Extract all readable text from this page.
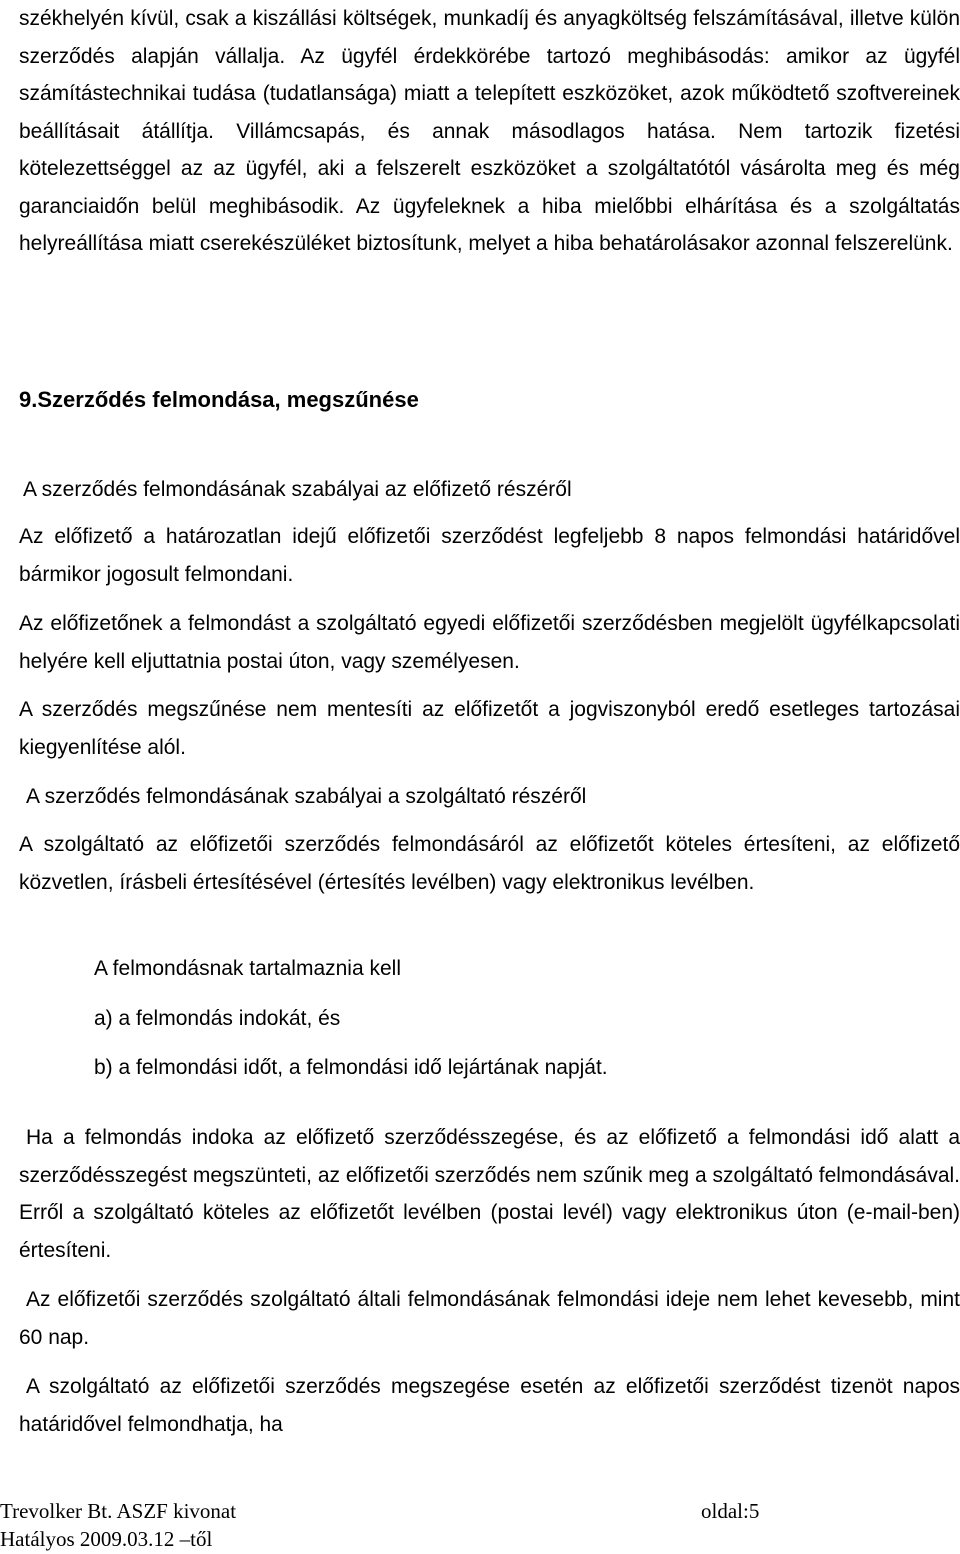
székhelyén kívül, csak a kiszállási költségek, munkadíj és anyagköltség felszámításával, illetve külön szerződés alapján vállalja. Az ügyfél érdekkörébe tartozó meghibásodás: amikor az ügyfél számítástechnikai tudása (tudatlansága) miatt a telepített eszközöket, azok működtető szoftvereinek beállításait átállítja. Villámcsapás, és annak másodlagos hatása. Nem tartozik fizetési kötelezettséggel az az ügyfél, aki a felszerelt eszközöket a szolgáltatótól vásárolta meg és még garanciaidőn belül meghibásodik. Az ügyfeleknek a hiba mielőbbi elhárítása és a szolgáltatás helyreállítása miatt cserekészüléket biztosítunk, melyet a hiba behatárolásakor azonnal felszerelünk.

9.Szerződés felmondása, megszűnése

A szerződés felmondásának szabályai az előfizető részéről

Az előfizető a határozatlan idejű előfizetői szerződést legfeljebb 8 napos felmondási határidővel bármikor jogosult felmondani.

Az előfizetőnek a felmondást a szolgáltató egyedi előfizetői szerződésben megjelölt ügyfélkapcsolati helyére kell eljuttatnia postai úton, vagy személyesen.

A szerződés megszűnése nem mentesíti az előfizetőt a jogviszonyból eredő esetleges tartozásai kiegyenlítése alól.

A szerződés felmondásának szabályai a szolgáltató részéről

A szolgáltató az előfizetői szerződés felmondásáról az előfizetőt köteles értesíteni, az előfizető közvetlen, írásbeli értesítésével (értesítés levélben) vagy elektronikus levélben.

A felmondásnak tartalmaznia kell

a) a felmondás indokát, és

b) a felmondási időt, a felmondási idő lejártának napját.

Ha a felmondás indoka az előfizető szerződésszegése, és az előfizető a felmondási idő alatt a szerződésszegést megszünteti, az előfizetői szerződés nem szűnik meg a szolgáltató felmondásával. Erről a szolgáltató köteles az előfizetőt levélben (postai levél) vagy elektronikus úton (e-mail-ben) értesíteni.

Az előfizetői szerződés szolgáltató általi felmondásának felmondási ideje nem lehet kevesebb, mint 60 nap.

A szolgáltató az előfizetői szerződés megszegése esetén az előfizetői szerződést tizenöt napos határidővel felmondhatja, ha

Trevolker Bt. ASZF kivonat	oldal:5
Hatályos 2009.03.12 –től
